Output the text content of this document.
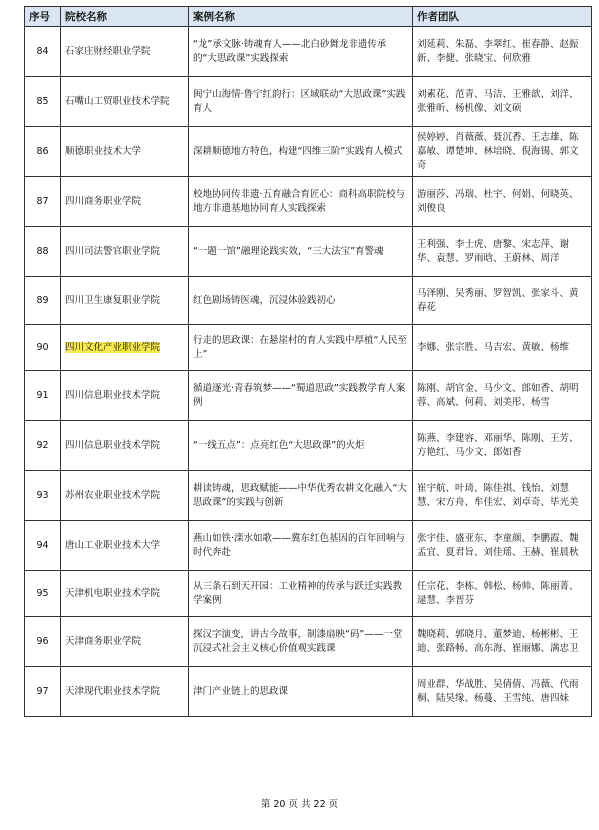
序号	院校名称	案例名称	作者团队
84	石家庄财经职业学院	“龙”承文脉·铸魂育人——北白砂舞龙非遗传承的“大思政课”实践探索	刘延莉、朱磊、李翠红、崔春静、赵振新、李健、张晓宝、何欣雅
85	石嘴山工贸职业技术学院	闽宁山海情·鲁宁红韵行：区域联动“大思政课”实践育人	刘素花、范青、马洁、王雅歆、刘洋、张雅昕、杨机像、刘文硕
86	顺德职业技术大学	深耕顺德地方特色，构建“四维三阶”实践育人模式	侯婷婷、肖薇薇、聂沉香、王志雄、陈嘉敏、谭楚坤、林培晓、倪海锡、郭文奇
87	四川商务职业学院	校地协同传非遗·五育融合育匠心：商科高职院校与地方非遗基地协同育人实践探索	游丽莎、冯瑞、杜宇、何娟、何晓英、刘俊良
88	四川司法警官职业学院	“一题一馆”融理论践实效，“三大法宝”育警魂	王利强、李士虎、唐黎、宋志萍、谢华、袁慧、罗雨晗、王蔚林、周洋
89	四川卫生康复职业学院	红色剧场铸医魂，沉浸体验践初心	马泽刚、吴秀丽、罗智凯、张家斗、黄春花
90	四川文化产业职业学院	行走的思政课：在悬崖村的育人实践中厚植“人民至上”	李娜、张宗胜、马吉宏、黄敏、杨维
91	四川信息职业技术学院	循道逐光·青春筑梦——“蜀道思政”实践教学育人案例	陈刚、胡官金、马少文、郎如香、胡明蓉、高斌、何莉、刘美彤、杨雪
92	四川信息职业技术学院	“一线五点”：点亮红色“大思政课”的火炬	陈燕、李建容、邓丽华、陈刚、王芳、方艳红、马少文、郎如香
93	苏州农业职业技术学院	耕读铸魂，思政赋能——中华优秀农耕文化融入“大思政课”的实践与创新	崔宇航、叶琦、陈佳祺、钱怡、刘慧慧、宋方舟、牟佳宏、刘卓奇、毕光美
94	唐山工业职业技术大学	燕山如铁·滦水如歌——冀东红色基因的百年回响与时代奔赴	张宇佳、盛亚东、李童颜、李鹏霞、魏孟宜、夏君旨、刘佳瑶、王赫、崔晨秋
95	天津机电职业技术学院	从三条石到天开园：工业精神的传承与跃迁实践教学案例	任宗花、李栋、韩松、杨帅、陈丽菁、逯慧、李晋芬
96	天津商务职业学院	探汉字演变，讲古今故事，制漆扇映“码”——一堂沉浸式社会主义核心价值观实践课	魏晓莉、郭晓月、董梦迪、杨彬彬、王迪、张路畅、高东海、崔丽娜、满忠卫
97	天津现代职业技术学院	津门产业链上的思政课	周业群、华战胜、吴倩倩、冯薇、代雨桐、陆昊缘、杨蔓、王雪纯、唐四妹
第 20 页 共 22 页
